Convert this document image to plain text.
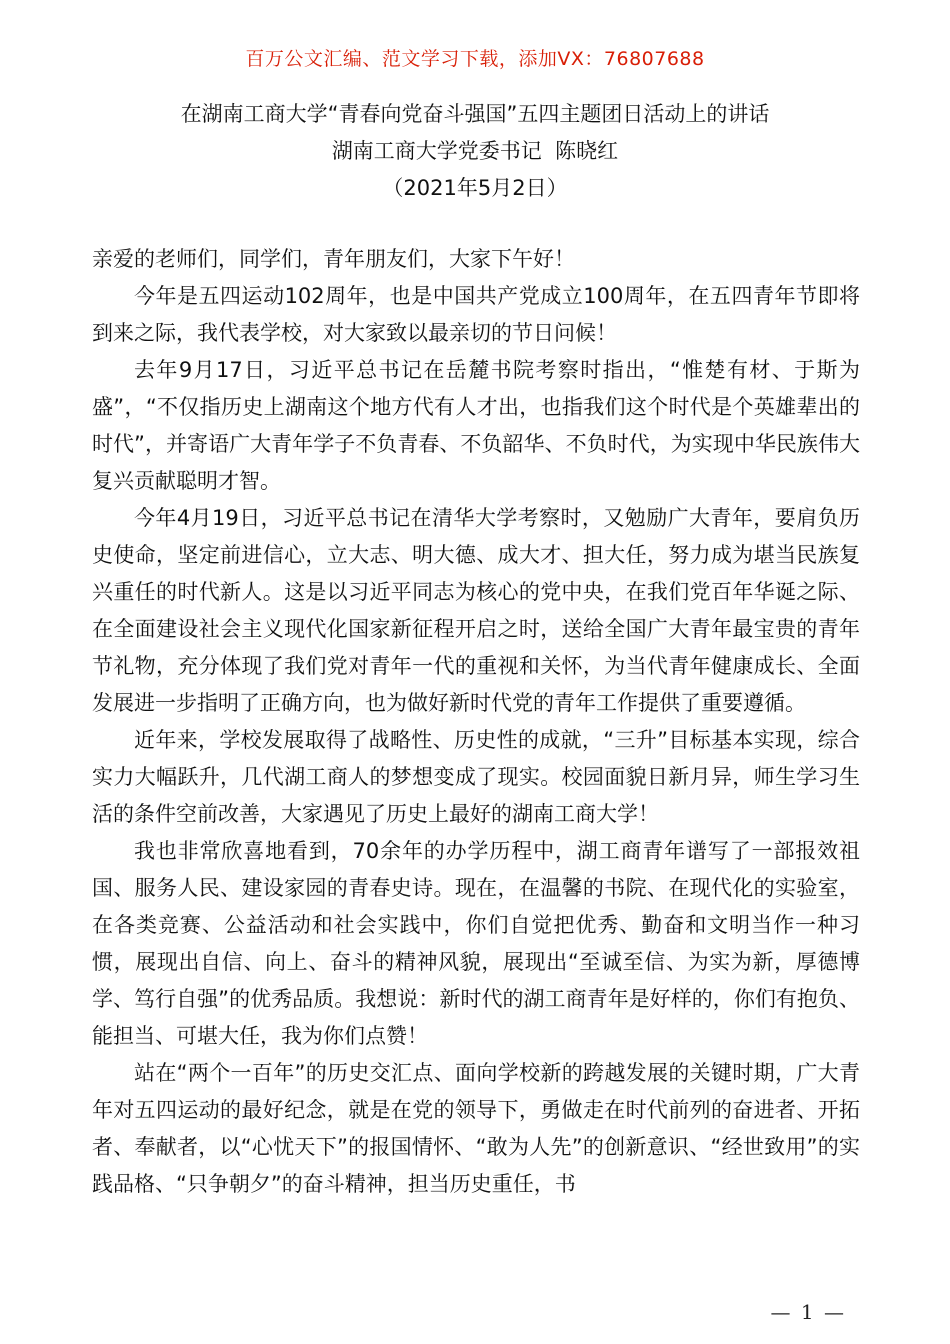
百万公文汇编、范文学习下载，添加VX：76807688
在湖南工商大学“青春向党奋斗强国”五四主题团日活动上的讲话
湖南工商大学党委书记  陈晓红
（2021年5月2日）

亲爱的老师们，同学们，青年朋友们，大家下午好！

今年是五四运动102周年，也是中国共产党成立100周年，在五四青年节即将到来之际，我代表学校，对大家致以最亲切的节日问候！

去年9月17日，习近平总书记在岳麓书院考察时指出，“惟楚有材、于斯为盛”，“不仅指历史上湖南这个地方代有人才出，也指我们这个时代是个英雄辈出的时代”，并寄语广大青年学子不负青春、不负韶华、不负时代，为实现中华民族伟大复兴贡献聪明才智。

今年4月19日，习近平总书记在清华大学考察时，又勉励广大青年，要肩负历史使命，坚定前进信心，立大志、明大德、成大才、担大任，努力成为堪当民族复兴重任的时代新人。这是以习近平同志为核心的党中央，在我们党百年华诞之际、在全面建设社会主义现代化国家新征程开启之时，送给全国广大青年最宝贵的青年节礼物，充分体现了我们党对青年一代的重视和关怀，为当代青年健康成长、全面发展进一步指明了正确方向，也为做好新时代党的青年工作提供了重要遵循。

近年来，学校发展取得了战略性、历史性的成就，“三升”目标基本实现，综合实力大幅跃升，几代湖工商人的梦想变成了现实。校园面貌日新月异，师生学习生活的条件空前改善，大家遇见了历史上最好的湖南工商大学！

我也非常欣喜地看到，70余年的办学历程中，湖工商青年谱写了一部报效祖国、服务人民、建设家园的青春史诗。现在，在温馨的书院、在现代化的实验室，在各类竞赛、公益活动和社会实践中，你们自觉把优秀、勤奋和文明当作一种习惯，展现出自信、向上、奋斗的精神风貌，展现出“至诚至信、为实为新，厚德博学、笃行自强”的优秀品质。我想说：新时代的湖工商青年是好样的，你们有抱负、能担当、可堪大任，我为你们点赞！

站在“两个一百年”的历史交汇点、面向学校新的跨越发展的关键时期，广大青年对五四运动的最好纪念，就是在党的领导下，勇做走在时代前列的奋进者、开拓者、奉献者，以“心忧天下”的报国情怀、“敢为人先”的创新意识、“经世致用”的实践品格、“只争朝夕”的奋斗精神，担当历史重任，书

— 1 —
